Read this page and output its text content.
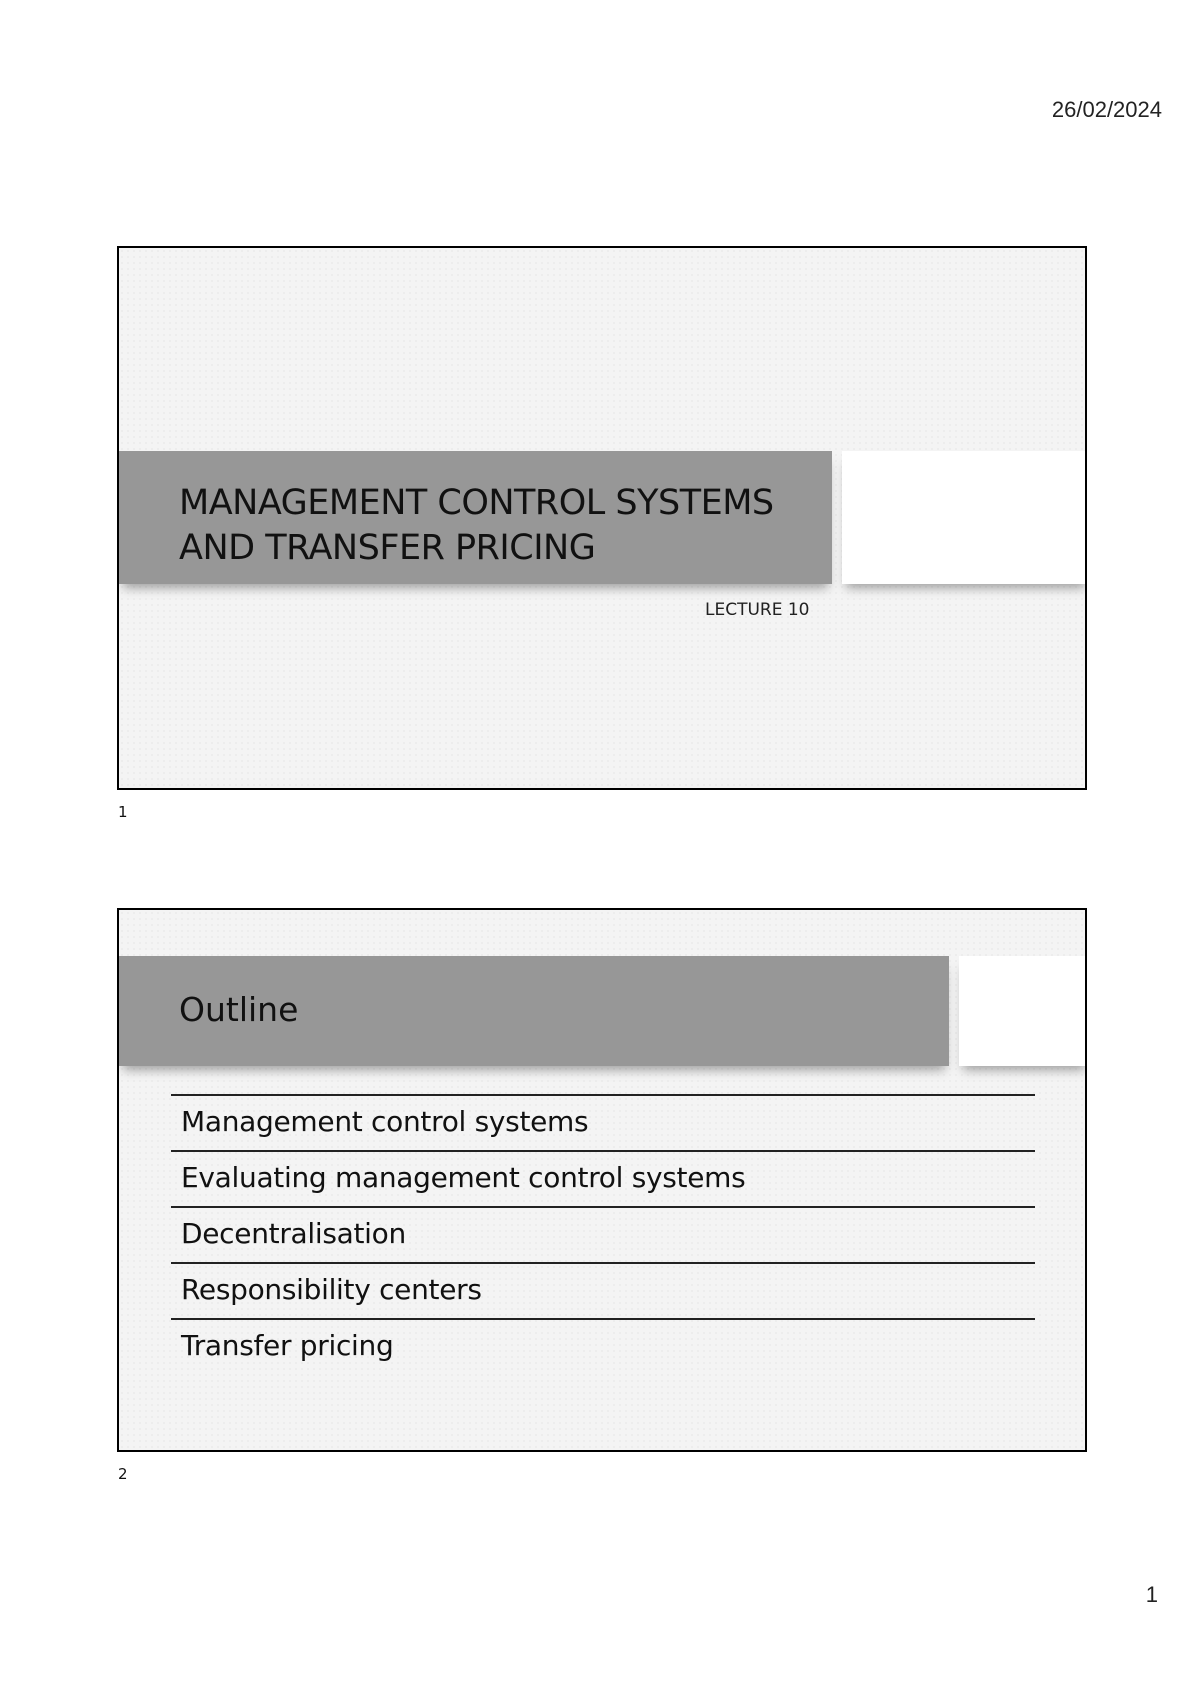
26/02/2024
MANAGEMENT CONTROL SYSTEMS
AND TRANSFER PRICING
LECTURE 10
1
Outline
Management control systems
Evaluating management control systems
Decentralisation
Responsibility centers
Transfer pricing
2
1
